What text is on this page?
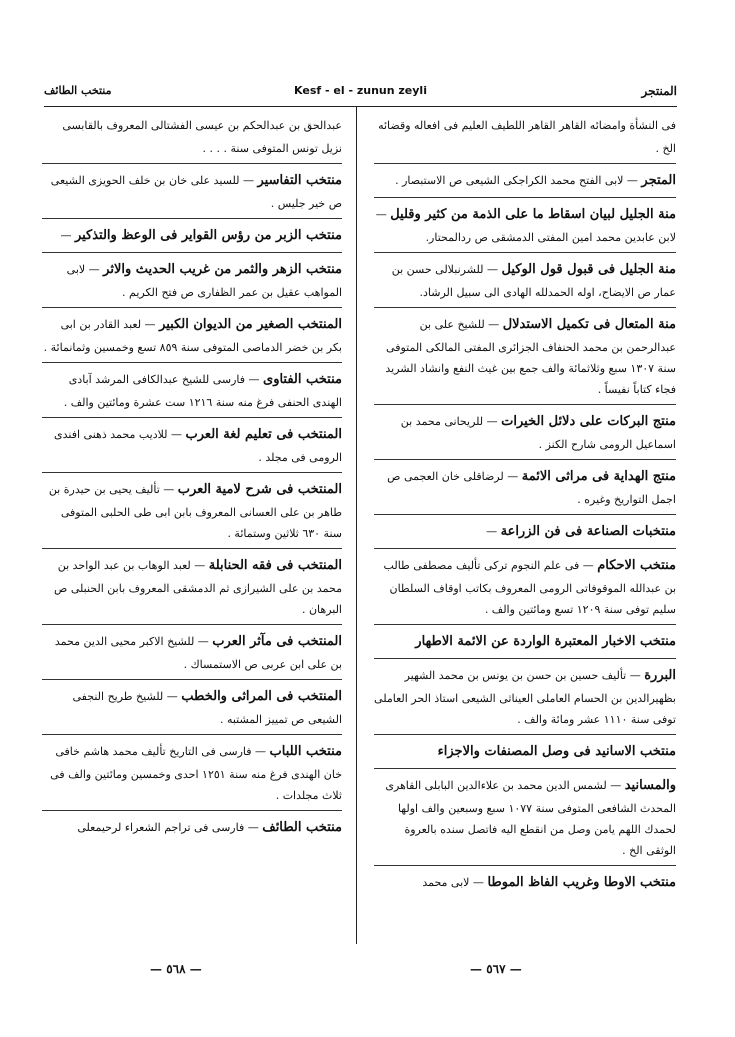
منتخب الطائف	Kesf - el - zunun zeyli	المنتجر
فى النشأة وامضائه القاهر القاهر اللطيف العليم فى افعاله وقضائه الخ .
المتجر — لابى الفتح محمد الكراجكى الشيعى ص الاستبصار .
منة الجليل لبيان اسقاط ما على الذمة من كثير وقليل — لابن عابدين محمد امين المفتى الدمشقى ص ردالمحتار.
منة الجليل فى قبول قول الوكيل — للشرنبلالى حسن بن عمار ص الايضاح، اوله الحمدلله الهادى الى سبيل الرشاد.
منة المتعال فى تكميل الاستدلال — للشيخ على بن عبدالرحمن بن محمد الحنفاف الجزائرى المفتى المالكى المتوفى سنة ١٣٠٧ سبع وثلاثمائة والف جمع بين غيث النفع وانشاد الشريد فجاء كتاباً نفيساً .
منتج البركات على دلائل الخيرات — للريحانى محمد بن اسماعيل الرومى شارح الكنز .
منتج الهداية فى مراثى الائمة — لرضاقلى خان العجمى ص اجمل التواريخ وغيره .
منتخبات الصناعة فى فن الزراعة —
منتخب الاحكام — فى علم النجوم تركى تأليف مصطفى طالب بن عبدالله الموقوفاتى الرومى المعروف بكاتب اوقاف السلطان سليم توفى سنة ١٢٠٩ تسع ومائتين والف .
منتخب الاخبار المعتبرة الواردة عن الائمة الاطهار
البررة — تأليف حسين بن حسن بن يونس بن محمد الشهير بظهيرالدين بن الحسام العاملى العيناثى الشيعى استاذ الحر العاملى توفى سنة ١١١٠ عشر ومائة والف .
منتخب الاسانيد فى وصل المصنفات والاجزاء
والمسانيد — لشمس الدين محمد بن علاءالدين البابلى القاهرى المحدث الشافعى المتوفى سنة ١٠٧٧ سبع وسبعين والف اولها لحمدك اللهم يامن وصل من انقطع اليه فاتصل سنده بالعروة الوثقى الخ .
منتخب الاوطا وغريب الفاظ الموطا — لابى محمد
عبدالحق بن عبدالحكم بن عيسى الفشتالى المعروف بالقابسى نزيل تونس المتوفى سنة . . . .
منتخب التفاسير — للسيد على خان بن خلف الحويزى الشيعى ص خير جليس .
منتخب الزبر من رؤس القواير فى الوعظ والتذكير —
منتخب الزهر والثمر من غريب الحديث والاثر — لابى المواهب عقيل بن عمر الظفارى ص فتح الكريم .
المنتخب الصغير من الديوان الكبير — لعبد القادر بن ابى بكر بن خضر الدماصى المتوفى سنة ٨٥٩ تسع وخمسين وثمانمائة .
منتخب الفتاوى — فارسى للشيخ عبدالكافى المرشد آبادى الهندى الحنفى فرغ منه سنة ١٢١٦ ست عشرة ومائتين والف .
المنتخب فى تعليم لغة العرب — للاديب محمد ذهنى افندى الرومى فى مجلد .
المنتخب فى شرح لامية العرب — تأليف يحيى بن حيدرة بن طاهر بن على العسانى المعروف بابن ابى طى الحلبى المتوفى سنة ٦٣٠ ثلاثين وستمائة .
المنتخب فى فقه الحنابلة — لعبد الوهاب بن عبد الواحد بن محمد بن على الشيرازى ثم الدمشقى المعروف بابن الحنبلى ص البرهان .
المنتخب فى مآثر العرب — للشيخ الاكبر محيى الدين محمد بن على ابن عربى ص الاستمساك .
المنتخب فى المراثى والخطب — للشيخ طريح النجفى الشيعى ص تمييز المشتبه .
منتخب اللباب — فارسى فى التاريخ تأليف محمد هاشم خافى خان الهندى فرغ منه سنة ١٢٥١ احدى وخمسين ومائتين والف فى ثلاث مجلدات .
منتخب الطائف — فارسى فى تراجم الشعراء لرحيمعلى
— ٥٦٨ —	— ٥٦٧ —
